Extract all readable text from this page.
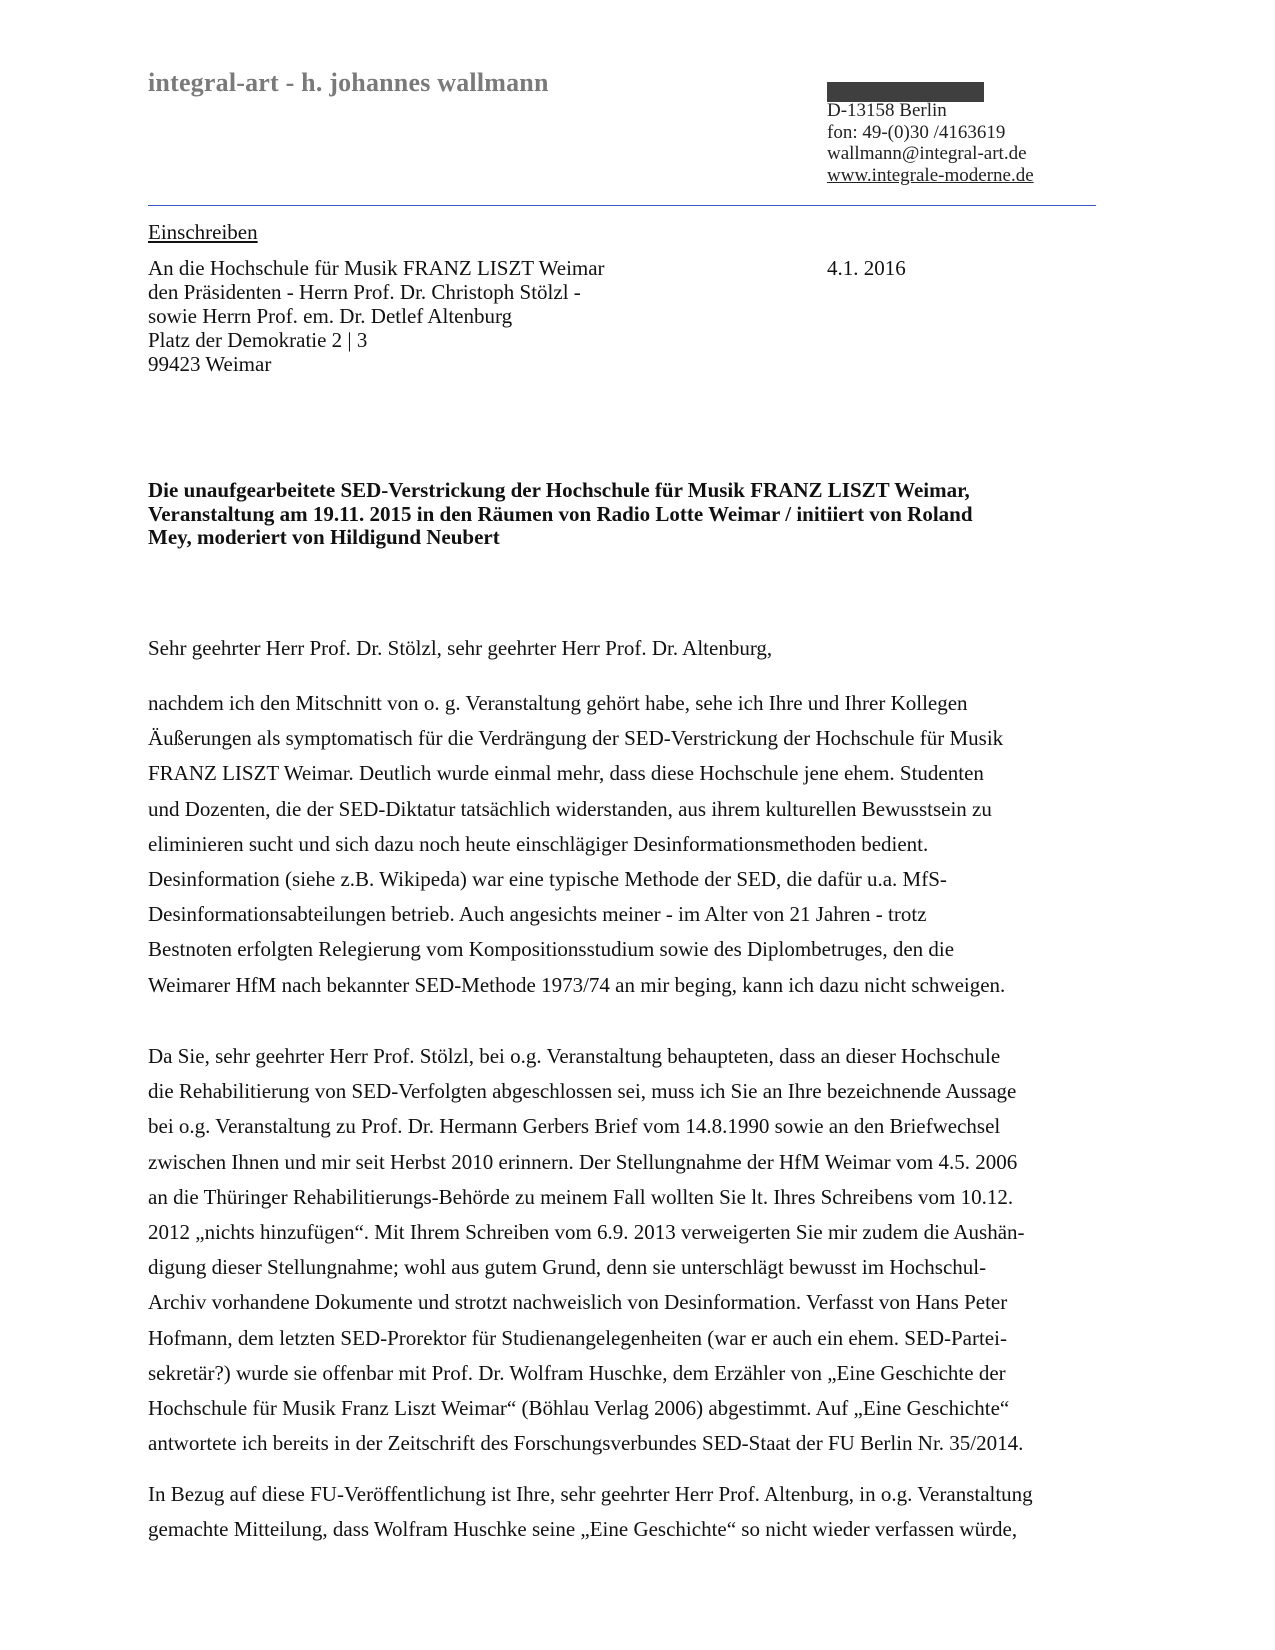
integral-art - h. johannes wallmann
D-13158 Berlin
fon: 49-(0)30 /4163619
wallmann@integral-art.de
www.integrale-moderne.de
Einschreiben
An die Hochschule für Musik FRANZ LISZT Weimar
den Präsidenten - Herrn Prof. Dr. Christoph Stölzl -
sowie Herrn Prof. em. Dr. Detlef Altenburg
Platz der Demokratie 2 | 3
99423 Weimar
4.1. 2016
Die unaufgearbeitete SED-Verstrickung der Hochschule für Musik FRANZ LISZT Weimar,
Veranstaltung am 19.11. 2015 in den Räumen von Radio Lotte Weimar / initiiert von Roland
Mey, moderiert von Hildigund Neubert
Sehr geehrter Herr Prof. Dr. Stölzl, sehr geehrter Herr Prof. Dr. Altenburg,
nachdem ich den Mitschnitt von o. g. Veranstaltung gehört habe, sehe ich Ihre und Ihrer Kollegen
Äußerungen als symptomatisch für die Verdrängung der SED-Verstrickung der Hochschule für Musik
FRANZ LISZT Weimar. Deutlich wurde einmal mehr, dass diese Hochschule jene ehem. Studenten
und Dozenten, die der SED-Diktatur tatsächlich widerstanden, aus ihrem kulturellen Bewusstsein zu
eliminieren sucht und sich dazu noch heute einschlägiger Desinformationsmethoden bedient.
Desinformation (siehe z.B. Wikipeda) war eine typische Methode der SED, die dafür u.a. MfS-
Desinformationsabteilungen betrieb. Auch angesichts meiner - im Alter von 21 Jahren - trotz
Bestnoten erfolgten Relegierung vom Kompositionsstudium sowie des Diplombetruges, den die
Weimarer HfM nach bekannter SED-Methode 1973/74 an mir beging, kann ich dazu nicht schweigen.
Da Sie, sehr geehrter Herr Prof. Stölzl, bei o.g. Veranstaltung behaupteten, dass an dieser Hochschule
die Rehabilitierung von SED-Verfolgten abgeschlossen sei, muss ich Sie an Ihre bezeichnende Aussage
bei o.g. Veranstaltung zu Prof. Dr. Hermann Gerbers Brief vom 14.8.1990 sowie an den Briefwechsel
zwischen Ihnen und mir seit Herbst 2010 erinnern. Der Stellungnahme der HfM Weimar vom 4.5. 2006
an die Thüringer Rehabilitierungs-Behörde zu meinem Fall wollten Sie lt. Ihres Schreibens vom 10.12.
2012 „nichts hinzufügen“. Mit Ihrem Schreiben vom 6.9. 2013 verweigerten Sie mir zudem die Aushän-
digung dieser Stellungnahme; wohl aus gutem Grund, denn sie unterschlägt bewusst im Hochschul-
Archiv vorhandene Dokumente und strotzt nachweislich von Desinformation. Verfasst von Hans Peter
Hofmann, dem letzten SED-Prorektor für Studienangelegenheiten (war er auch ein ehem. SED-Partei-
sekretär?) wurde sie offenbar mit Prof. Dr. Wolfram Huschke, dem Erzähler von „Eine Geschichte der
Hochschule für Musik Franz Liszt Weimar“ (Böhlau Verlag 2006) abgestimmt. Auf „Eine Geschichte“
antwortete ich bereits in der Zeitschrift des Forschungsverbundes SED-Staat der FU Berlin Nr. 35/2014.
In Bezug auf diese FU-Veröffentlichung ist Ihre, sehr geehrter Herr Prof. Altenburg, in o.g. Veranstaltung
gemachte Mitteilung, dass Wolfram Huschke seine „Eine Geschichte“ so nicht wieder verfassen würde,
